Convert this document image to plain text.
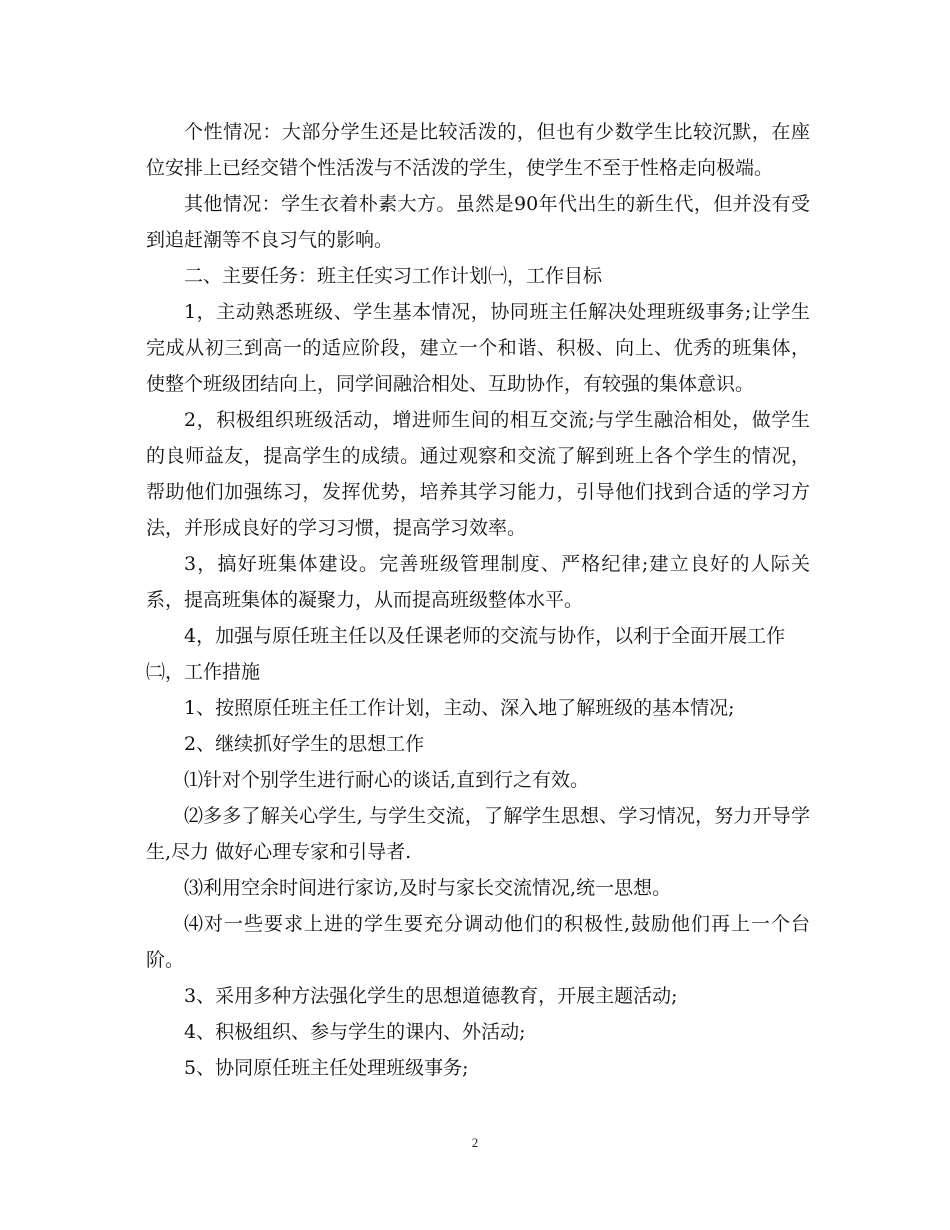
个性情况：大部分学生还是比较活泼的，但也有少数学生比较沉默，在座位安排上已经交错个性活泼与不活泼的学生，使学生不至于性格走向极端。

其他情况：学生衣着朴素大方。虽然是90年代出生的新生代，但并没有受到追赶潮等不良习气的影响。

二、主要任务：班主任实习工作计划㈠，工作目标

1，主动熟悉班级、学生基本情况，协同班主任解决处理班级事务;让学生完成从初三到高一的适应阶段，建立一个和谐、积极、向上、优秀的班集体，使整个班级团结向上，同学间融洽相处、互助协作，有较强的集体意识。

2，积极组织班级活动，增进师生间的相互交流;与学生融洽相处，做学生的良师益友，提高学生的成绩。通过观察和交流了解到班上各个学生的情况，帮助他们加强练习，发挥优势，培养其学习能力，引导他们找到合适的学习方法，并形成良好的学习习惯，提高学习效率。

3，搞好班集体建设。完善班级管理制度、严格纪律;建立良好的人际关系，提高班集体的凝聚力，从而提高班级整体水平。

4，加强与原任班主任以及任课老师的交流与协作，以利于全面开展工作

㈡，工作措施

1、按照原任班主任工作计划，主动、深入地了解班级的基本情况;

2、继续抓好学生的思想工作

⑴针对个别学生进行耐心的谈话,直到行之有效。

⑵多多了解关心学生, 与学生交流，了解学生思想、学习情况，努力开导学生,尽力 做好心理专家和引导者.

⑶利用空余时间进行家访,及时与家长交流情况,统一思想。

⑷对一些要求上进的学生要充分调动他们的积极性,鼓励他们再上一个台阶。

3、采用多种方法强化学生的思想道德教育，开展主题活动;

4、积极组织、参与学生的课内、外活动;

5、协同原任班主任处理班级事务;

2
